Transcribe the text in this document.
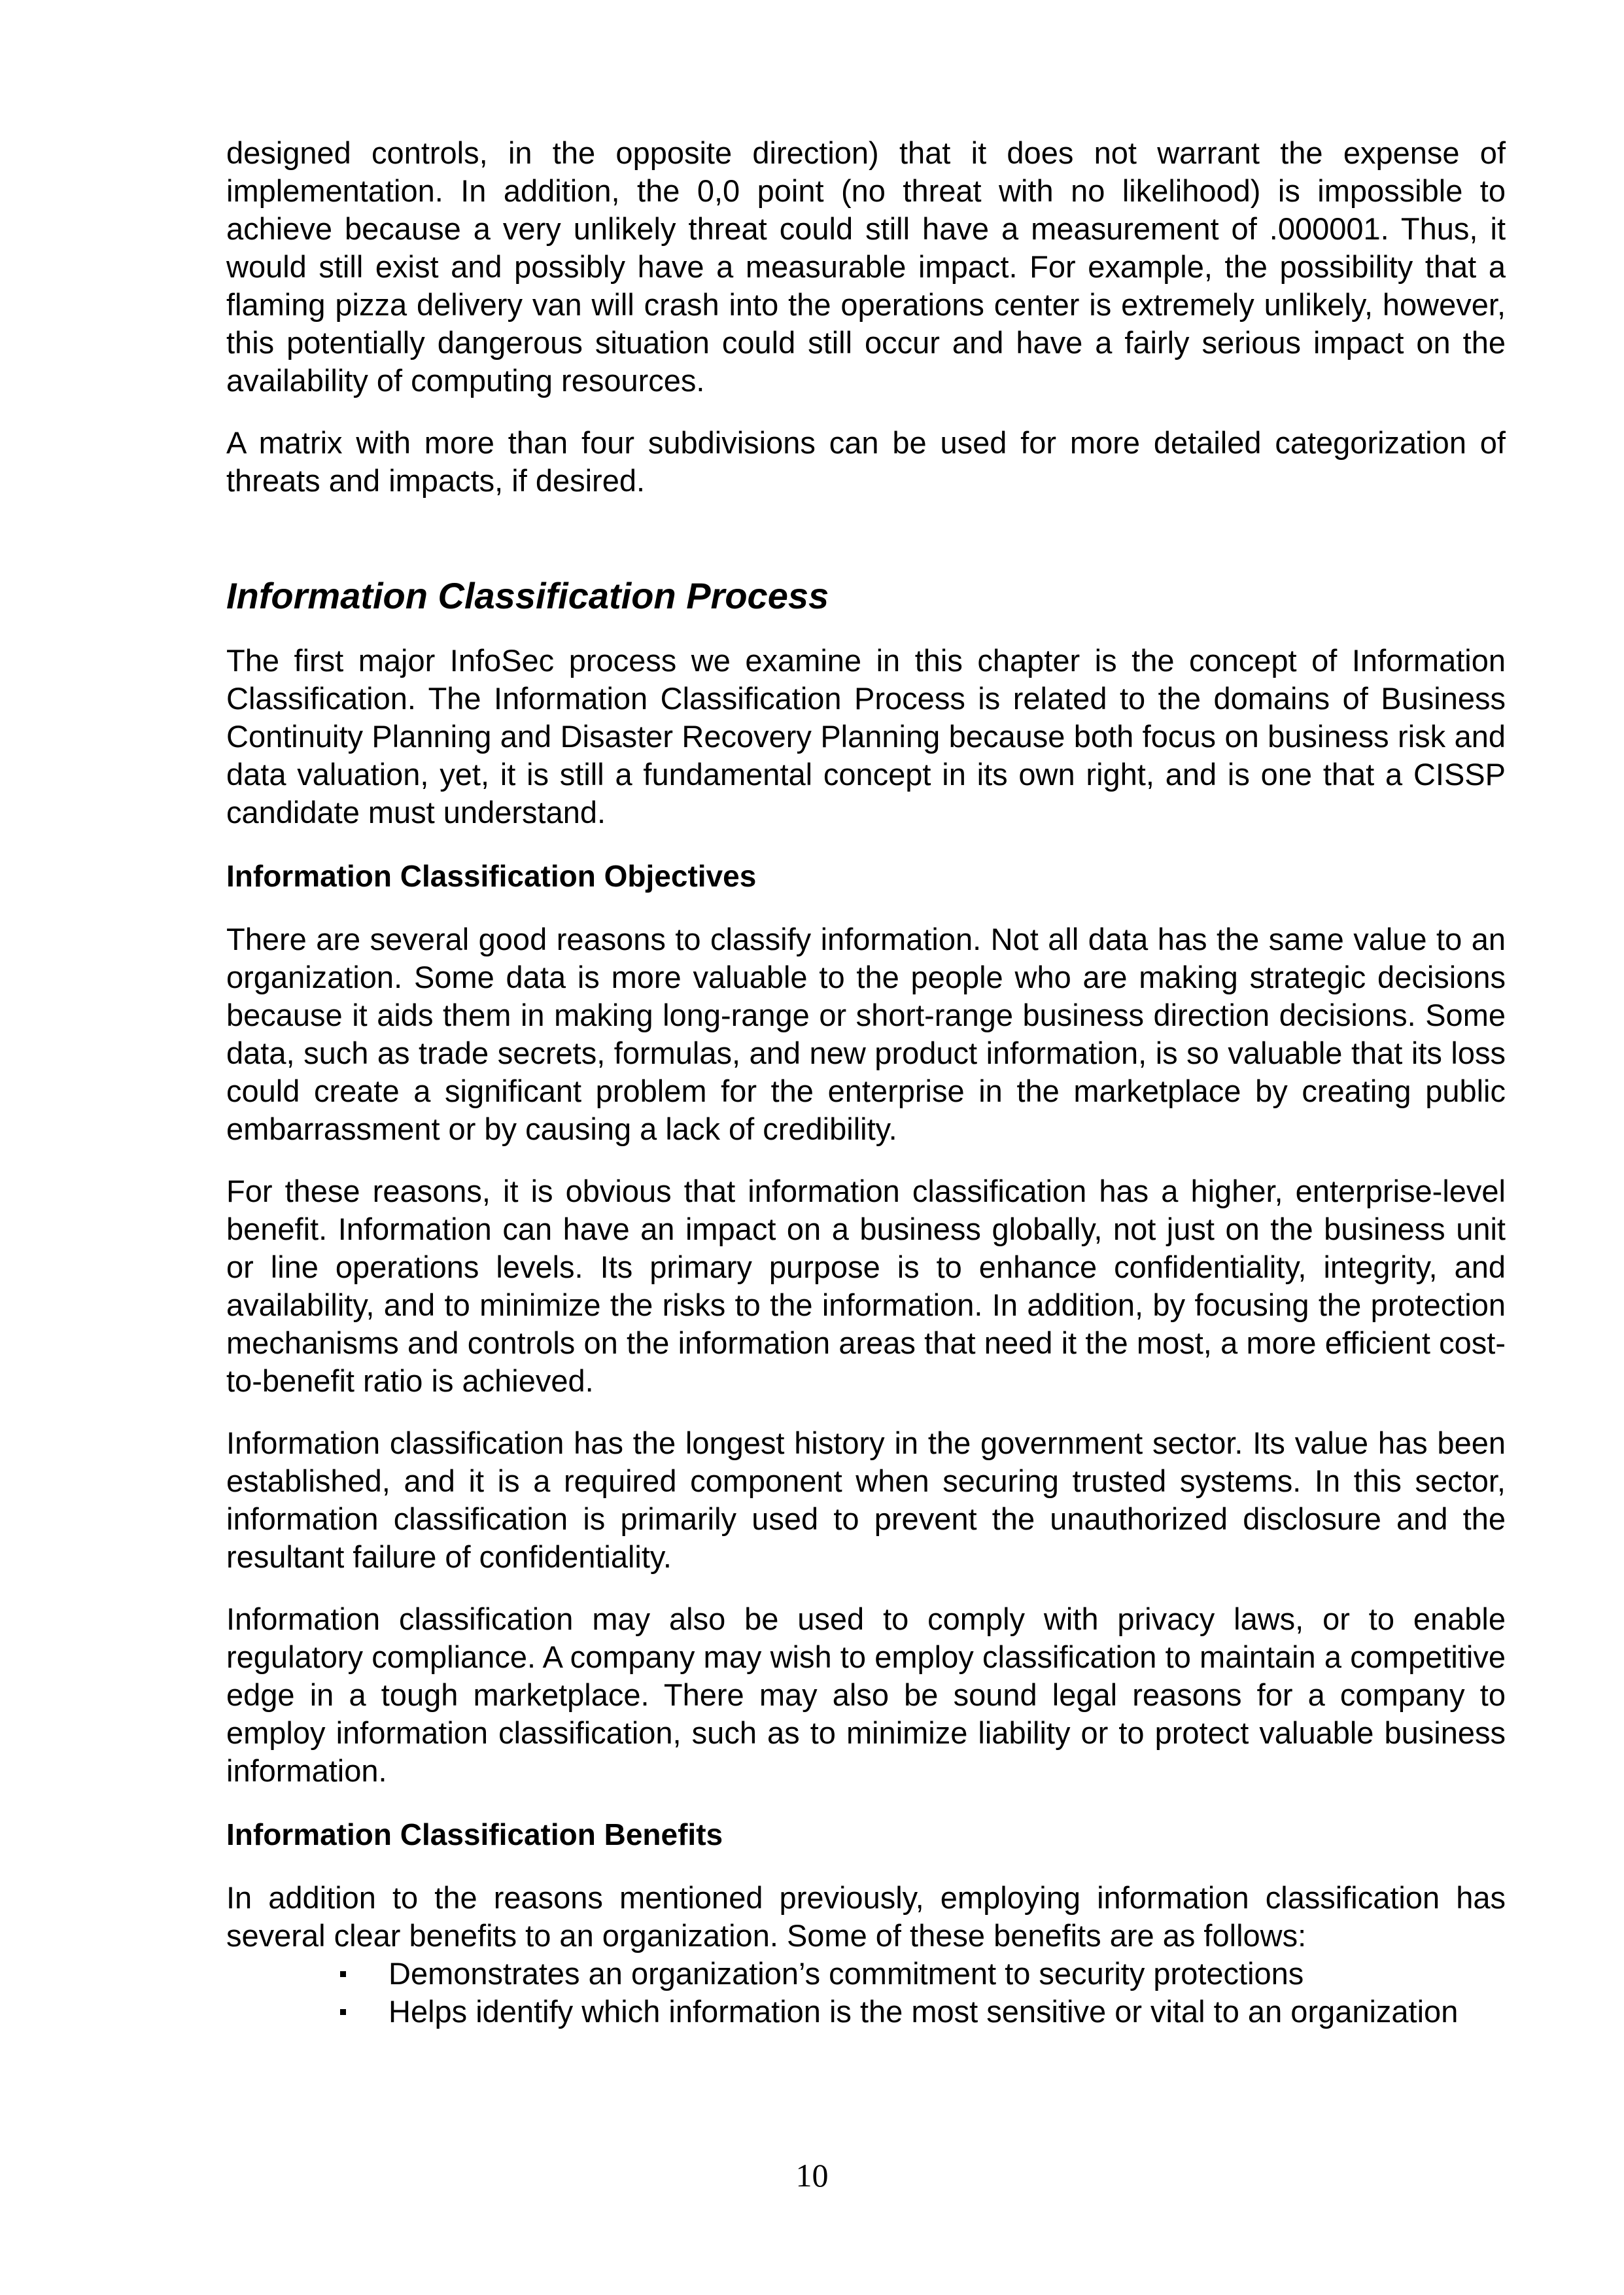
designed controls, in the opposite direction) that it does not warrant the expense of implementation. In addition, the 0,0 point (no threat with no likelihood) is impossible to achieve because a very unlikely threat could still have a measurement of .000001. Thus, it would still exist and possibly have a measurable impact. For example, the possibility that a flaming pizza delivery van will crash into the operations center is extremely unlikely, however, this potentially dangerous situation could still occur and have a fairly serious impact on the availability of computing resources.

A matrix with more than four subdivisions can be used for more detailed categorization of threats and impacts, if desired.

Information Classification Process

The first major InfoSec process we examine in this chapter is the concept of Information Classification. The Information Classification Process is related to the domains of Business Continuity Planning and Disaster Recovery Planning because both focus on business risk and data valuation, yet, it is still a fundamental concept in its own right, and is one that a CISSP candidate must understand.

Information Classification Objectives

There are several good reasons to classify information. Not all data has the same value to an organization. Some data is more valuable to the people who are making strategic decisions because it aids them in making long-range or short-range business direction decisions. Some data, such as trade secrets, formulas, and new product information, is so valuable that its loss could create a significant problem for the enterprise in the marketplace by creating public embarrassment or by causing a lack of credibility.

For these reasons, it is obvious that information classification has a higher, enterprise-level benefit. Information can have an impact on a business globally, not just on the business unit or line operations levels. Its primary purpose is to enhance confidentiality, integrity, and availability, and to minimize the risks to the information. In addition, by focusing the protection mechanisms and controls on the information areas that need it the most, a more efficient cost-to-benefit ratio is achieved.

Information classification has the longest history in the government sector. Its value has been established, and it is a required component when securing trusted systems. In this sector, information classification is primarily used to prevent the unauthorized disclosure and the resultant failure of confidentiality.

Information classification may also be used to comply with privacy laws, or to enable regulatory compliance. A company may wish to employ classification to maintain a competitive edge in a tough marketplace. There may also be sound legal reasons for a company to employ information classification, such as to minimize liability or to protect valuable business information.

Information Classification Benefits

In addition to the reasons mentioned previously, employing information classification has several clear benefits to an organization. Some of these benefits are as follows:

Demonstrates an organization’s commitment to security protections
Helps identify which information is the most sensitive or vital to an organization
10
